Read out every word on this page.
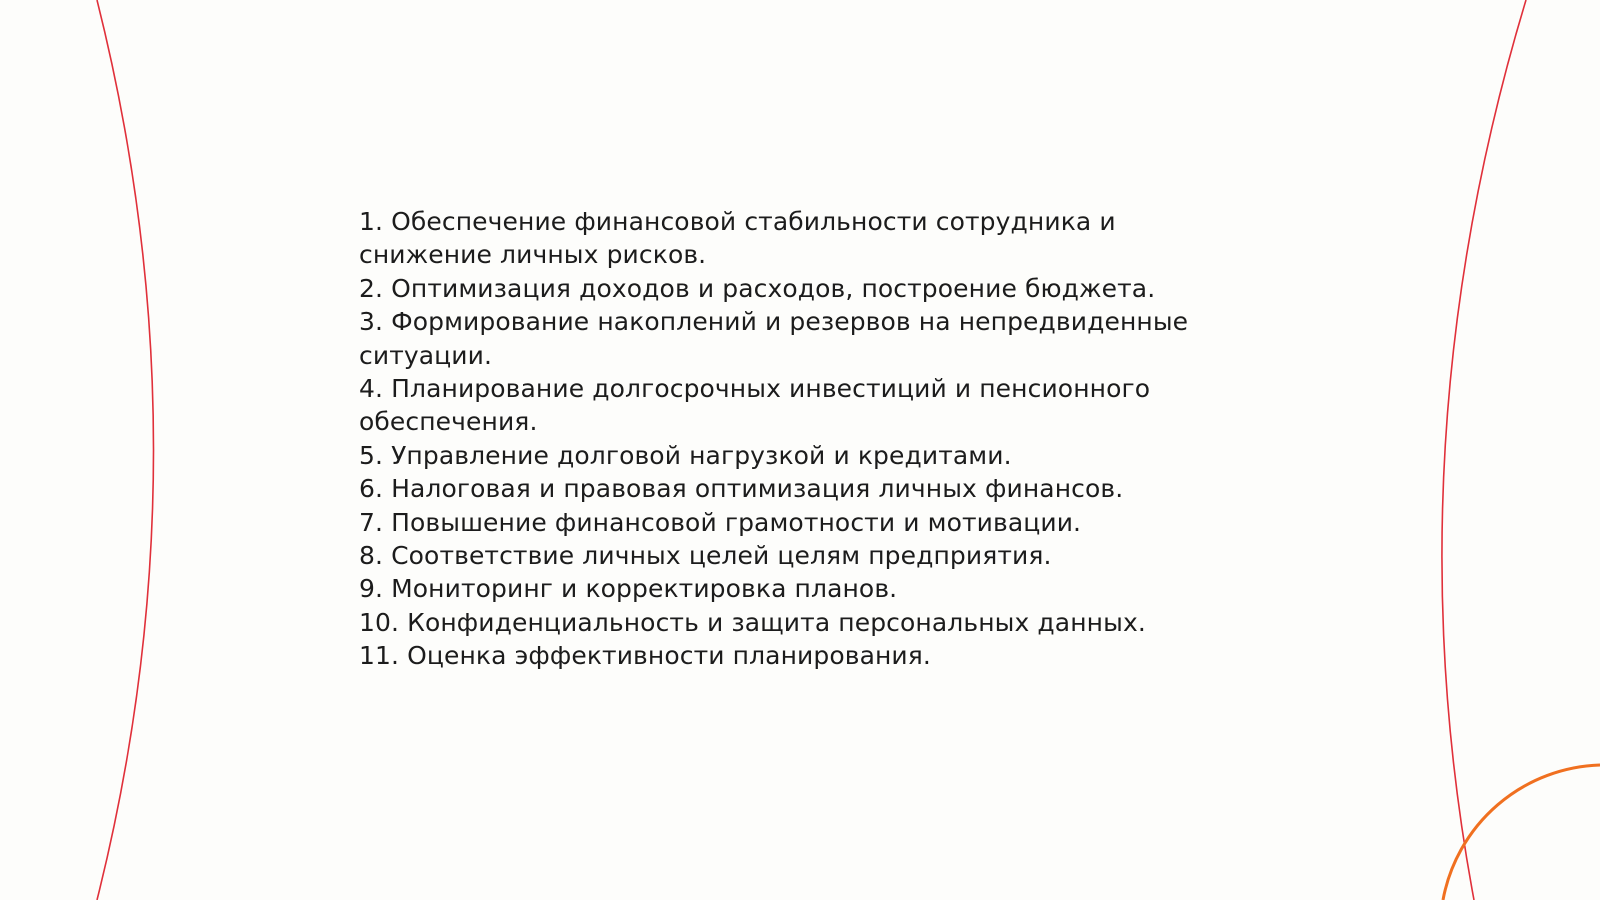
1. Обеспечение финансовой стабильности сотрудника и снижение личных рисков.
2. Оптимизация доходов и расходов, построение бюджета.
3. Формирование накоплений и резервов на непредвиденные ситуации.
4. Планирование долгосрочных инвестиций и пенсионного обеспечения.
5. Управление долговой нагрузкой и кредитами.
6. Налоговая и правовая оптимизация личных финансов.
7. Повышение финансовой грамотности и мотивации.
8. Соответствие личных целей целям предприятия.
9. Мониторинг и корректировка планов.
10. Конфиденциальность и защита персональных данных.
11. Оценка эффективности планирования.
